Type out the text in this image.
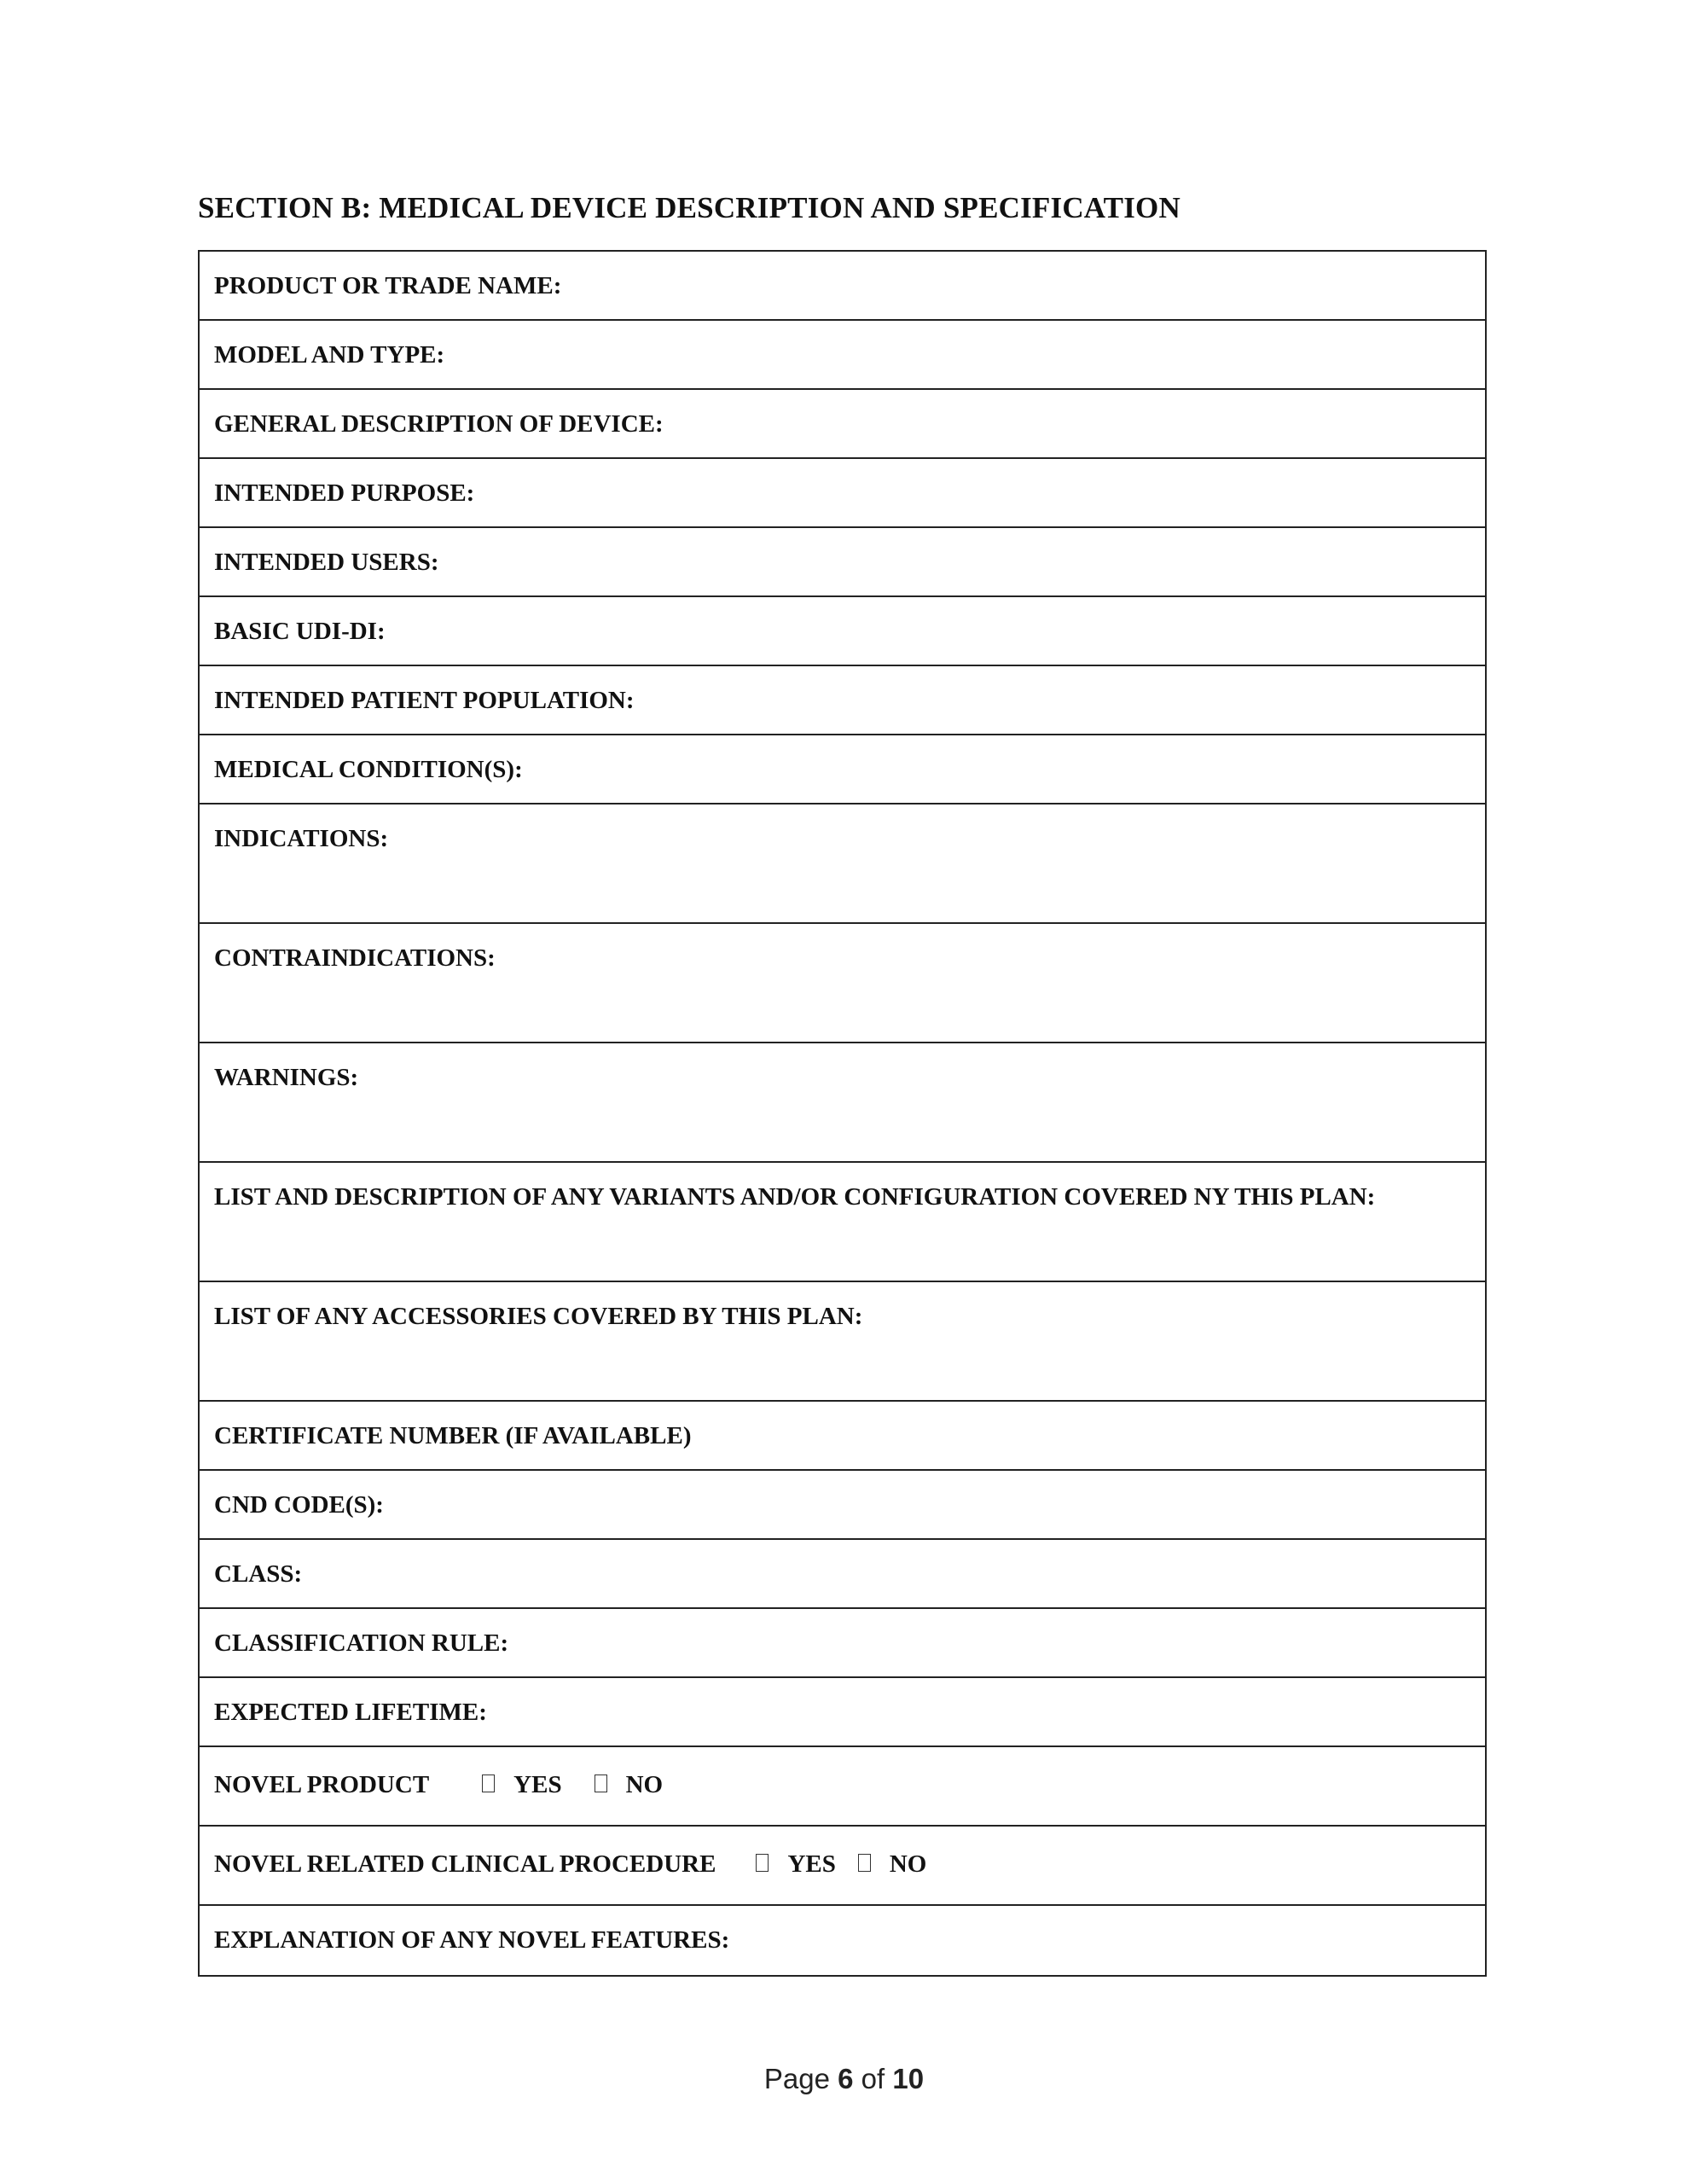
SECTION B: MEDICAL DEVICE DESCRIPTION AND SPECIFICATION
PRODUCT OR TRADE NAME:
MODEL AND TYPE:
GENERAL DESCRIPTION OF DEVICE:
INTENDED PURPOSE:
INTENDED USERS:
BASIC UDI-DI:
INTENDED PATIENT POPULATION:
MEDICAL CONDITION(S):
INDICATIONS:
CONTRAINDICATIONS:
WARNINGS:
LIST AND DESCRIPTION OF ANY VARIANTS AND/OR CONFIGURATION COVERED NY THIS PLAN:
LIST OF ANY ACCESSORIES COVERED BY THIS PLAN:
CERTIFICATE NUMBER (IF AVAILABLE)
CND CODE(S):
CLASS:
CLASSIFICATION RULE:
EXPECTED LIFETIME:
NOVEL PRODUCT	YES	NO
NOVEL RELATED CLINICAL PROCEDURE	YES NO
EXPLANATION OF ANY NOVEL FEATURES:
Page 6 of 10
